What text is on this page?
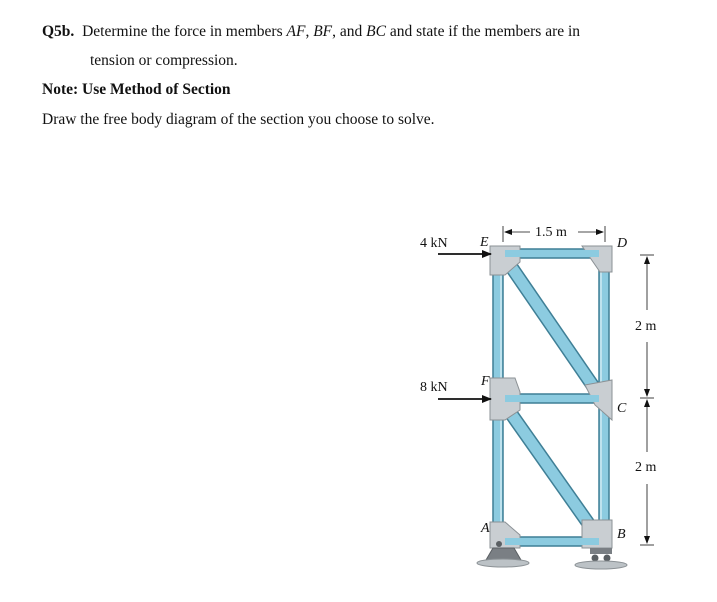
Q5b. Determine the force in members AF, BF, and BC and state if the members are in
tension or compression.
Note: Use Method of Section
Draw the free body diagram of the section you choose to solve.
4 kN
8 kN
E	D
F
C
A	B
1.5 m
2 m
2 m
